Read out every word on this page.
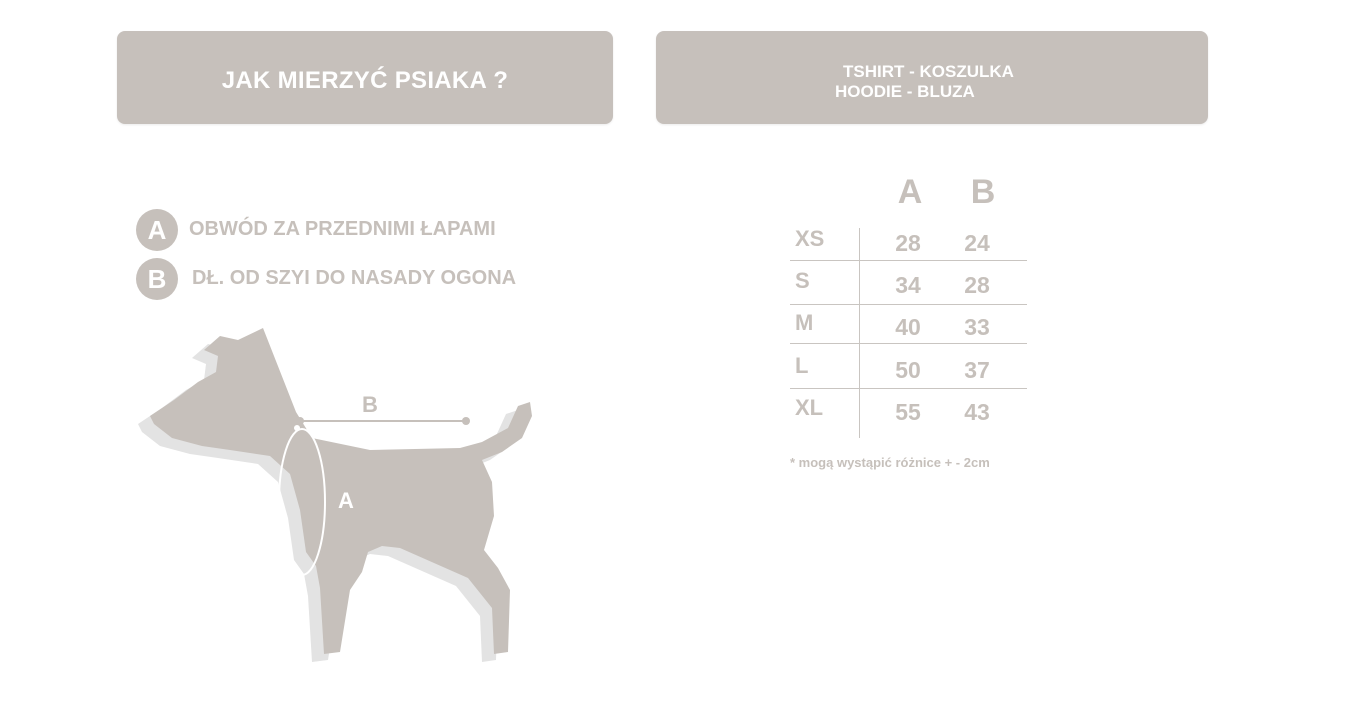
JAK MIERZYĆ PSIAKA ?	TSHIRT - KOSZULKA
HOODIE - BLUZA
A	OBWÓD ZA PRZEDNIMI ŁAPAMI
B	DŁ. OD SZYI DO NASADY OGONA
B
A
A	B
XS	28	24
S	34	28
M	40	33
L	50	37
XL	55	43
* mogą wystąpić różnice + - 2cm
